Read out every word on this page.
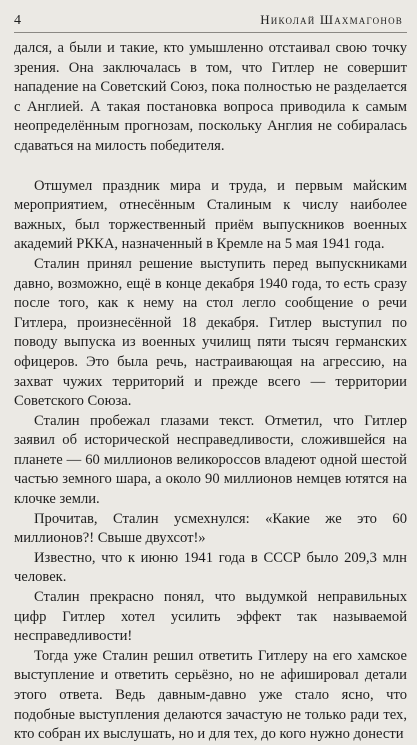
4	Николай Шахмагонов

дался, а были и такие, кто умышленно отстаивал свою точку зрения. Она заключалась в том, что Гитлер не совершит нападение на Советский Союз, пока полностью не разделается с Англией. А такая постановка вопроса приводила к самым неопределённым прогнозам, поскольку Англия не собиралась сдаваться на милость победителя.

Отшумел праздник мира и труда, и первым майским мероприятием, отнесённым Сталиным к числу наиболее важных, был торжественный приём выпускников военных академий РККА, назначенный в Кремле на 5 мая 1941 года.

Сталин принял решение выступить перед выпускниками давно, возможно, ещё в конце декабря 1940 года, то есть сразу после того, как к нему на стол легло сообщение о речи Гитлера, произнесённой 18 декабря. Гитлер выступил по поводу выпуска из военных училищ пяти тысяч германских офицеров. Это была речь, настраивающая на агрессию, на захват чужих территорий и прежде всего — территории Советского Союза.

Сталин пробежал глазами текст. Отметил, что Гитлер заявил об исторической несправедливости, сложившейся на планете — 60 миллионов великороссов владеют одной шестой частью земного шара, а около 90 миллионов немцев ютятся на клочке земли.

Прочитав, Сталин усмехнулся: «Какие же это 60 миллионов?! Свыше двухсот!»

Известно, что к июню 1941 года в СССР было 209,3 млн человек.

Сталин прекрасно понял, что выдумкой неправильных цифр Гитлер хотел усилить эффект так называемой несправедливости!

Тогда уже Сталин решил ответить Гитлеру на его хамское выступление и ответить серьёзно, но не афишировал детали этого ответа. Ведь давным-давно уже стало ясно, что подобные выступления делаются зачастую не только ради тех, кто собран их выслушать, но и для тех, до кого нужно донести
